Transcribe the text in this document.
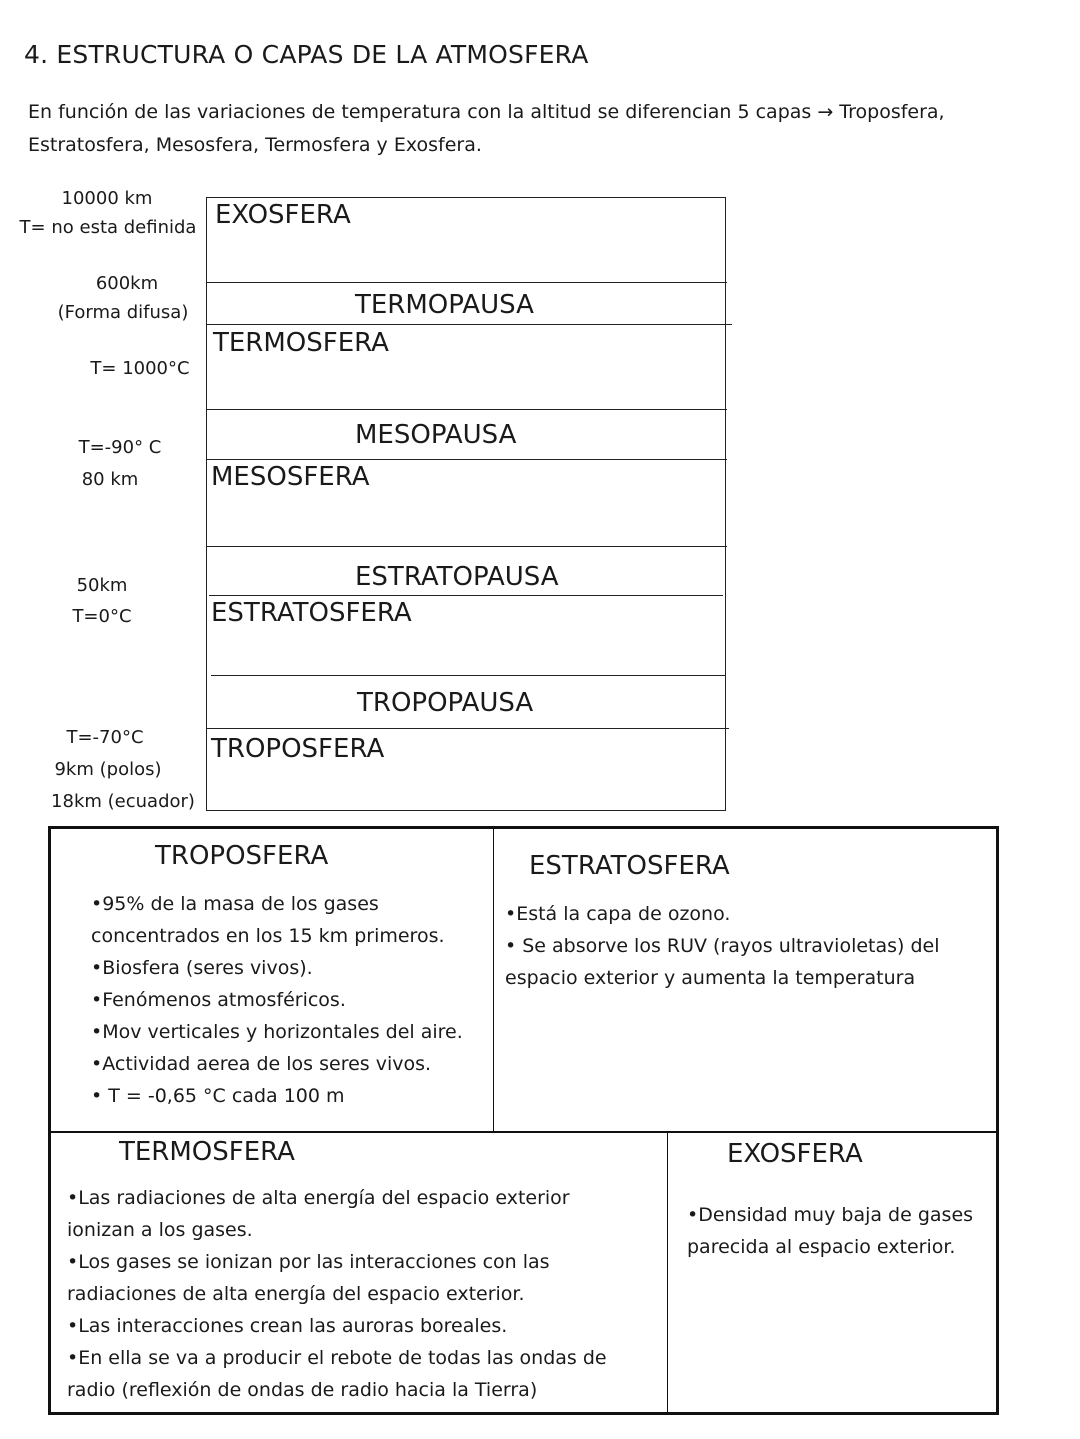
4. ESTRUCTURA O CAPAS DE LA ATMOSFERA

En función de las variaciones de temperatura con la altitud se diferencian 5 capas → Troposfera,

Estratosfera, Mesosfera, Termosfera y Exosfera.

10000 km
T= no esta definida
600km
(Forma difusa)
T= 1000°C
T=-90° C
80 km
50km
T=0°C
T=-70°C
9km (polos)
18km (ecuador)
EXOSFERA
TERMOPAUSA
TERMOSFERA
MESOPAUSA
MESOSFERA
ESTRATOPAUSA
ESTRATOSFERA
TROPOPAUSA
TROPOSFERA
TROPOSFERA
•95% de la masa de los gases
concentrados en los 15 km primeros.
•Biosfera (seres vivos).
•Fenómenos atmosféricos.
•Mov verticales y horizontales del aire.
•Actividad aerea de los seres vivos.
• T = -0,65 °C cada 100 m
ESTRATOSFERA
•Está la capa de ozono.
• Se absorve los RUV (rayos ultravioletas) del
espacio exterior y aumenta la temperatura
TERMOSFERA
•Las radiaciones de alta energía del espacio exterior
ionizan a los gases.
•Los gases se ionizan por las interacciones con las
radiaciones de alta energía del espacio exterior.
•Las interacciones crean las auroras boreales.
•En ella se va a producir el rebote de todas las ondas de
radio (reflexión de ondas de radio hacia la Tierra)
EXOSFERA
•Densidad muy baja de gases
parecida al espacio exterior.
